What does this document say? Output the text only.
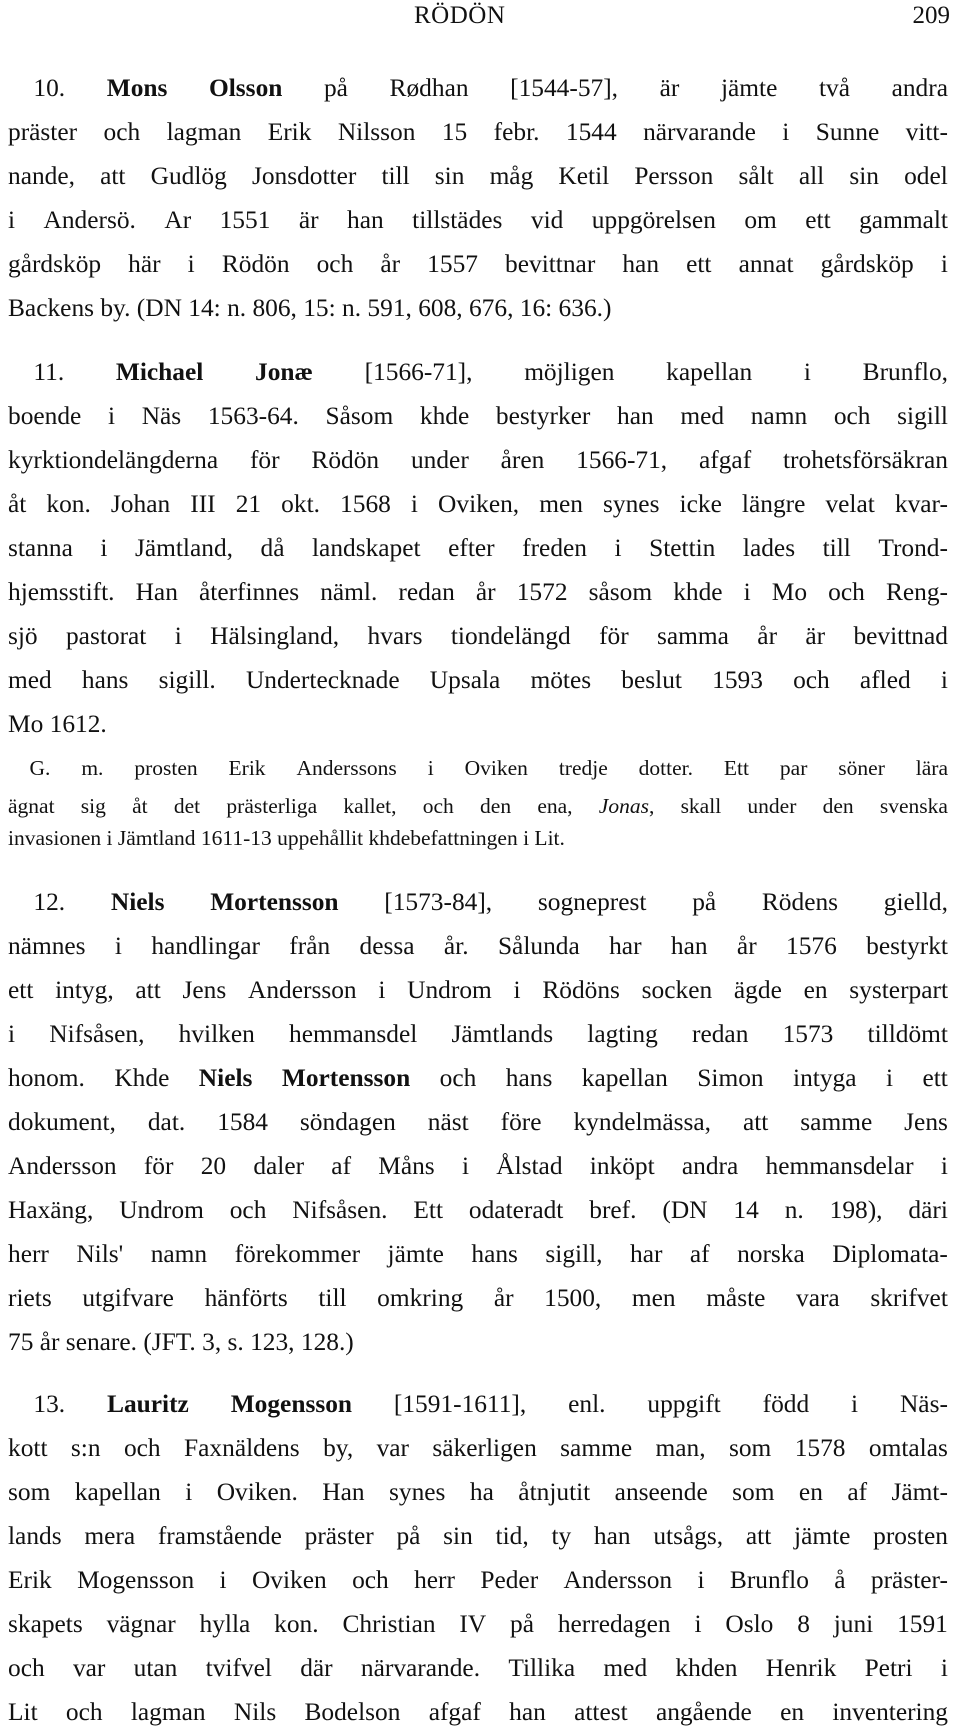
RÖDÖN	209
10. Mons Olsson på Rødhan [1544-57], är jämte två andra
präster och lagman Erik Nilsson 15 febr. 1544 närvarande i Sunne vitt-
nande, att Gudlög Jonsdotter till sin måg Ketil Persson sålt all sin odel
i Andersö. Ar 1551 är han tillstädes vid uppgörelsen om ett gammalt
gårdsköp här i Rödön och år 1557 bevittnar han ett annat gårdsköp i
Backens by. (DN 14: n. 806, 15: n. 591, 608, 676, 16: 636.)
11. Michael Jonæ [1566-71], möjligen kapellan i Brunflo,
boende i Näs 1563-64. Såsom khde bestyrker han med namn och sigill
kyrktiondelängderna för Rödön under åren 1566-71, afgaf trohetsförsäkran
åt kon. Johan III 21 okt. 1568 i Oviken, men synes icke längre velat kvar-
stanna i Jämtland, då landskapet efter freden i Stettin lades till Trond-
hjemsstift. Han återfinnes näml. redan år 1572 såsom khde i Mo och Reng-
sjö pastorat i Hälsingland, hvars tiondelängd för samma år är bevittnad
med hans sigill. Undertecknade Upsala mötes beslut 1593 och afled i
Mo 1612.
G. m. prosten Erik Anderssons i Oviken tredje dotter. Ett par söner lära
ägnat sig åt det prästerliga kallet, och den ena, Jonas, skall under den svenska
invasionen i Jämtland 1611-13 uppehållit khdebefattningen i Lit.
12. Niels Mortensson [1573-84], sogneprest på Rödens gielld,
nämnes i handlingar från dessa år. Sålunda har han år 1576 bestyrkt
ett intyg, att Jens Andersson i Undrom i Rödöns socken ägde en systerpart
i Nifsåsen, hvilken hemmansdel Jämtlands lagting redan 1573 tilldömt
honom. Khde Niels Mortensson och hans kapellan Simon intyga i ett
dokument, dat. 1584 söndagen näst före kyndelmässa, att samme Jens
Andersson för 20 daler af Måns i Ålstad inköpt andra hemmansdelar i
Haxäng, Undrom och Nifsåsen. Ett odateradt bref. (DN 14 n. 198), däri
herr Nils' namn förekommer jämte hans sigill, har af norska Diplomata-
riets utgifvare hänförts till omkring år 1500, men måste vara skrifvet
75 år senare. (JFT. 3, s. 123, 128.)
13. Lauritz Mogensson [1591-1611], enl. uppgift född i Näs-
kott s:n och Faxnäldens by, var säkerligen samme man, som 1578 omtalas
som kapellan i Oviken. Han synes ha åtnjutit anseende som en af Jämt-
lands mera framstående präster på sin tid, ty han utsågs, att jämte prosten
Erik Mogensson i Oviken och herr Peder Andersson i Brunflo å präster-
skapets vägnar hylla kon. Christian IV på herredagen i Oslo 8 juni 1591
och var utan tvifvel där närvarande. Tillika med khden Henrik Petri i
Lit och lagman Nils Bodelson afgaf han attest angående en inventering
